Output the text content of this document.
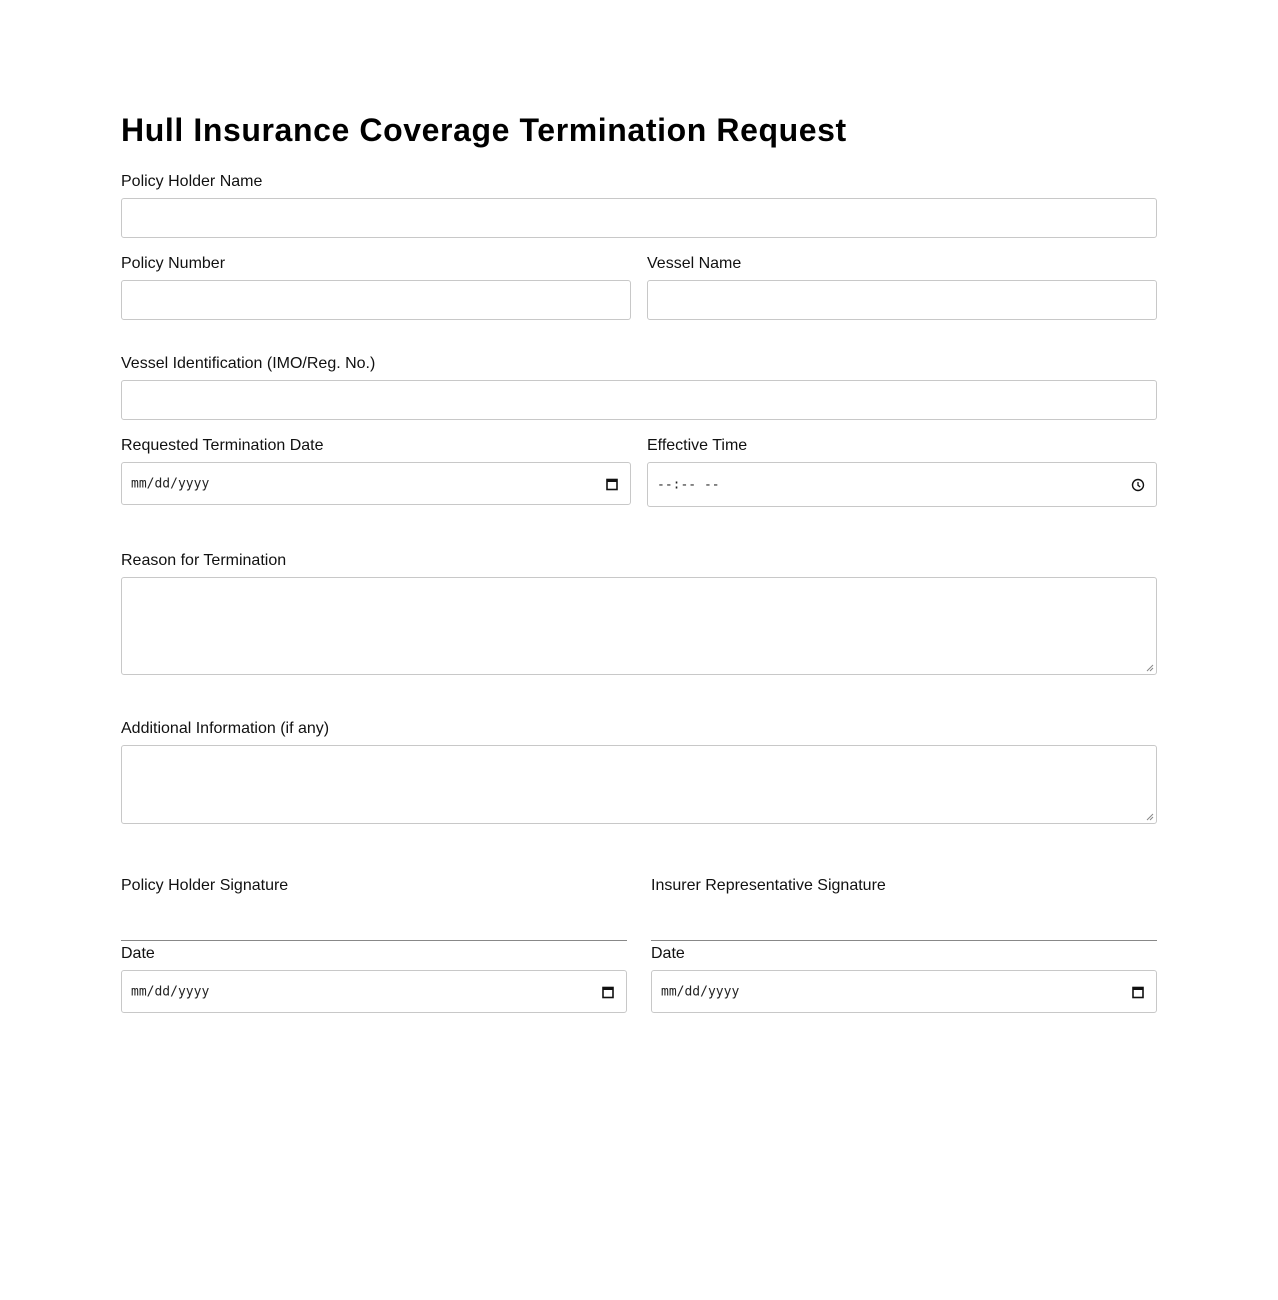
Hull Insurance Coverage Termination Request
Policy Holder Name
Policy Number	Vessel Name
Vessel Identification (IMO/Reg. No.)
Requested Termination Date
mm/dd/yyyy
Effective Time
--:-- --
Reason for Termination
Additional Information (if any)
Policy Holder Signature
Date
mm/dd/yyyy
Insurer Representative Signature
Date
mm/dd/yyyy
